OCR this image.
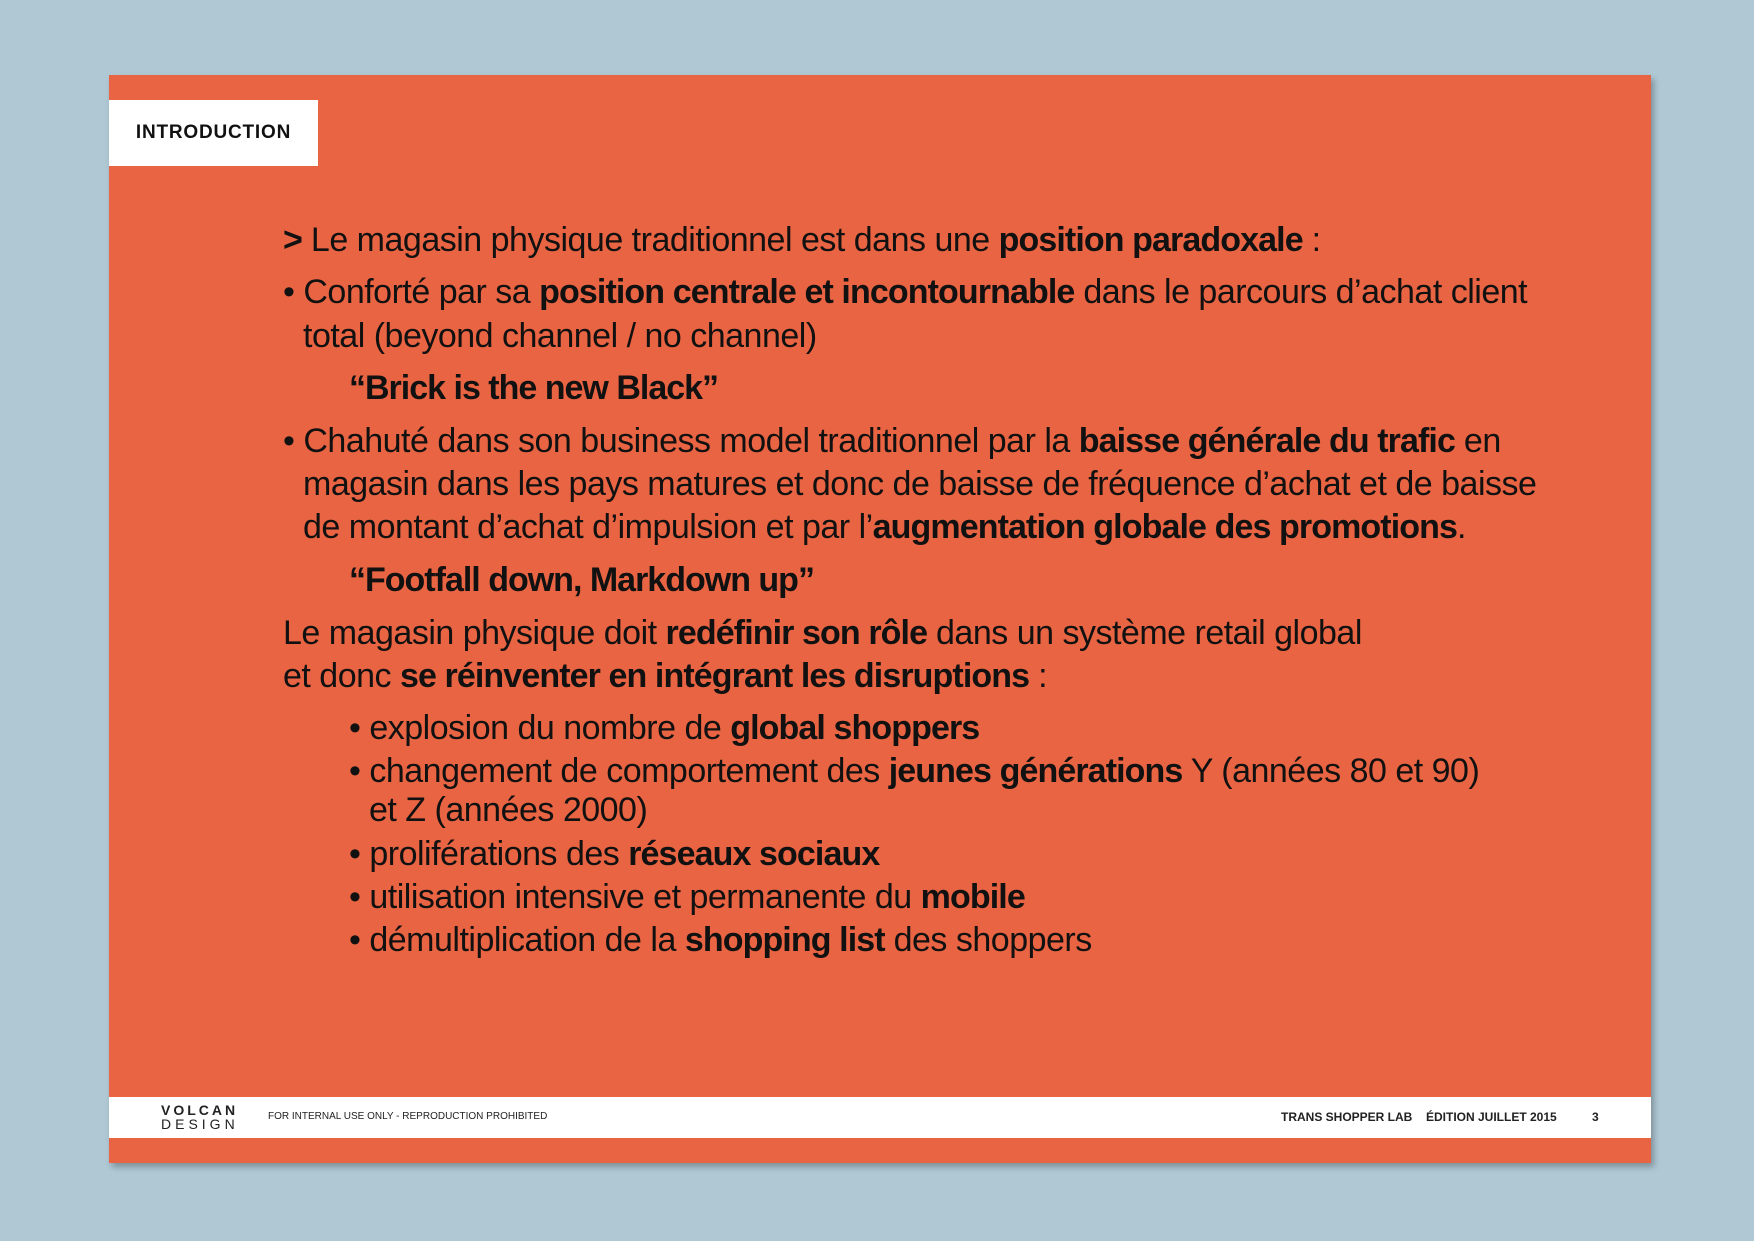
INTRODUCTION
> Le magasin physique traditionnel est dans une position paradoxale :
• Conforté par sa position centrale et incontournable dans le parcours d’achat client
total (beyond channel / no channel)
“Brick is the new Black”
• Chahuté dans son business model traditionnel par la baisse générale du trafic en
magasin dans les pays matures et donc de baisse de fréquence d’achat et de baisse
de montant d’achat d’impulsion et par l’augmentation globale des promotions.
“Footfall down, Markdown up”
Le magasin physique doit redéfinir son rôle dans un système retail global
et donc se réinventer en intégrant les disruptions :
• explosion du nombre de global shoppers
• changement de comportement des jeunes générations Y (années 80 et 90)
et Z (années 2000)
• proliférations des réseaux sociaux
• utilisation intensive et permanente du mobile
• démultiplication de la shopping list des shoppers
VOLCAN
DESIGN	FOR INTERNAL USE ONLY - REPRODUCTION PROHIBITED	TRANS SHOPPER LAB ÉDITION JUILLET 2015	3
